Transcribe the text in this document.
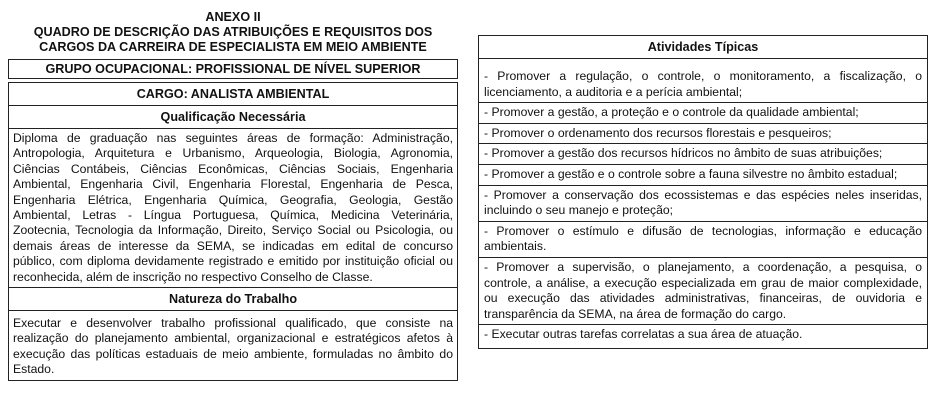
ANEXO II
QUADRO DE DESCRIÇÃO DAS ATRIBUIÇÕES E REQUISITOS DOS
CARGOS DA CARREIRA DE ESPECIALISTA EM MEIO AMBIENTE
GRUPO OCUPACIONAL: PROFISSIONAL DE NÍVEL SUPERIOR
CARGO: ANALISTA AMBIENTAL
Qualificação Necessária
Diploma de graduação nas seguintes áreas de formação: Administração, Antropologia, Arquitetura e Urbanismo, Arqueologia, Biologia, Agronomia, Ciências Contábeis, Ciências Econômicas, Ciências Sociais, Engenharia Ambiental, Engenharia Civil, Engenharia Florestal, Engenharia de Pesca, Engenharia Elétrica, Engenharia Química, Geografia, Geologia, Gestão Ambiental, Letras - Língua Portuguesa, Química, Medicina Veterinária, Zootecnia, Tecnologia da Informação, Direito, Serviço Social ou Psicologia, ou demais áreas de interesse da SEMA, se indicadas em edital de concurso público, com diploma devidamente registrado e emitido por instituição oficial ou reconhecida, além de inscrição no respectivo Conselho de Classe.
Natureza do Trabalho
Executar e desenvolver trabalho profissional qualificado, que consiste na realização do planejamento ambiental, organizacional e estratégicos afetos à execução das políticas estaduais de meio ambiente, formuladas no âmbito do Estado.
Atividades Típicas
- Promover a regulação, o controle, o monitoramento, a fiscalização, o licenciamento, a auditoria e a perícia ambiental;
- Promover a gestão, a proteção e o controle da qualidade ambiental;
- Promover o ordenamento dos recursos florestais e pesqueiros;
- Promover a gestão dos recursos hídricos no âmbito de suas atribuições;
- Promover a gestão e o controle sobre a fauna silvestre no âmbito estadual;
- Promover a conservação dos ecossistemas e das espécies neles inseridas, incluindo o seu manejo e proteção;
- Promover o estímulo e difusão de tecnologias, informação e educação ambientais.
- Promover a supervisão, o planejamento, a coordenação, a pesquisa, o controle, a análise, a execução especializada em grau de maior complexidade, ou execução das atividades administrativas, financeiras, de ouvidoria e transparência da SEMA, na área de formação do cargo.
- Executar outras tarefas correlatas a sua área de atuação.
